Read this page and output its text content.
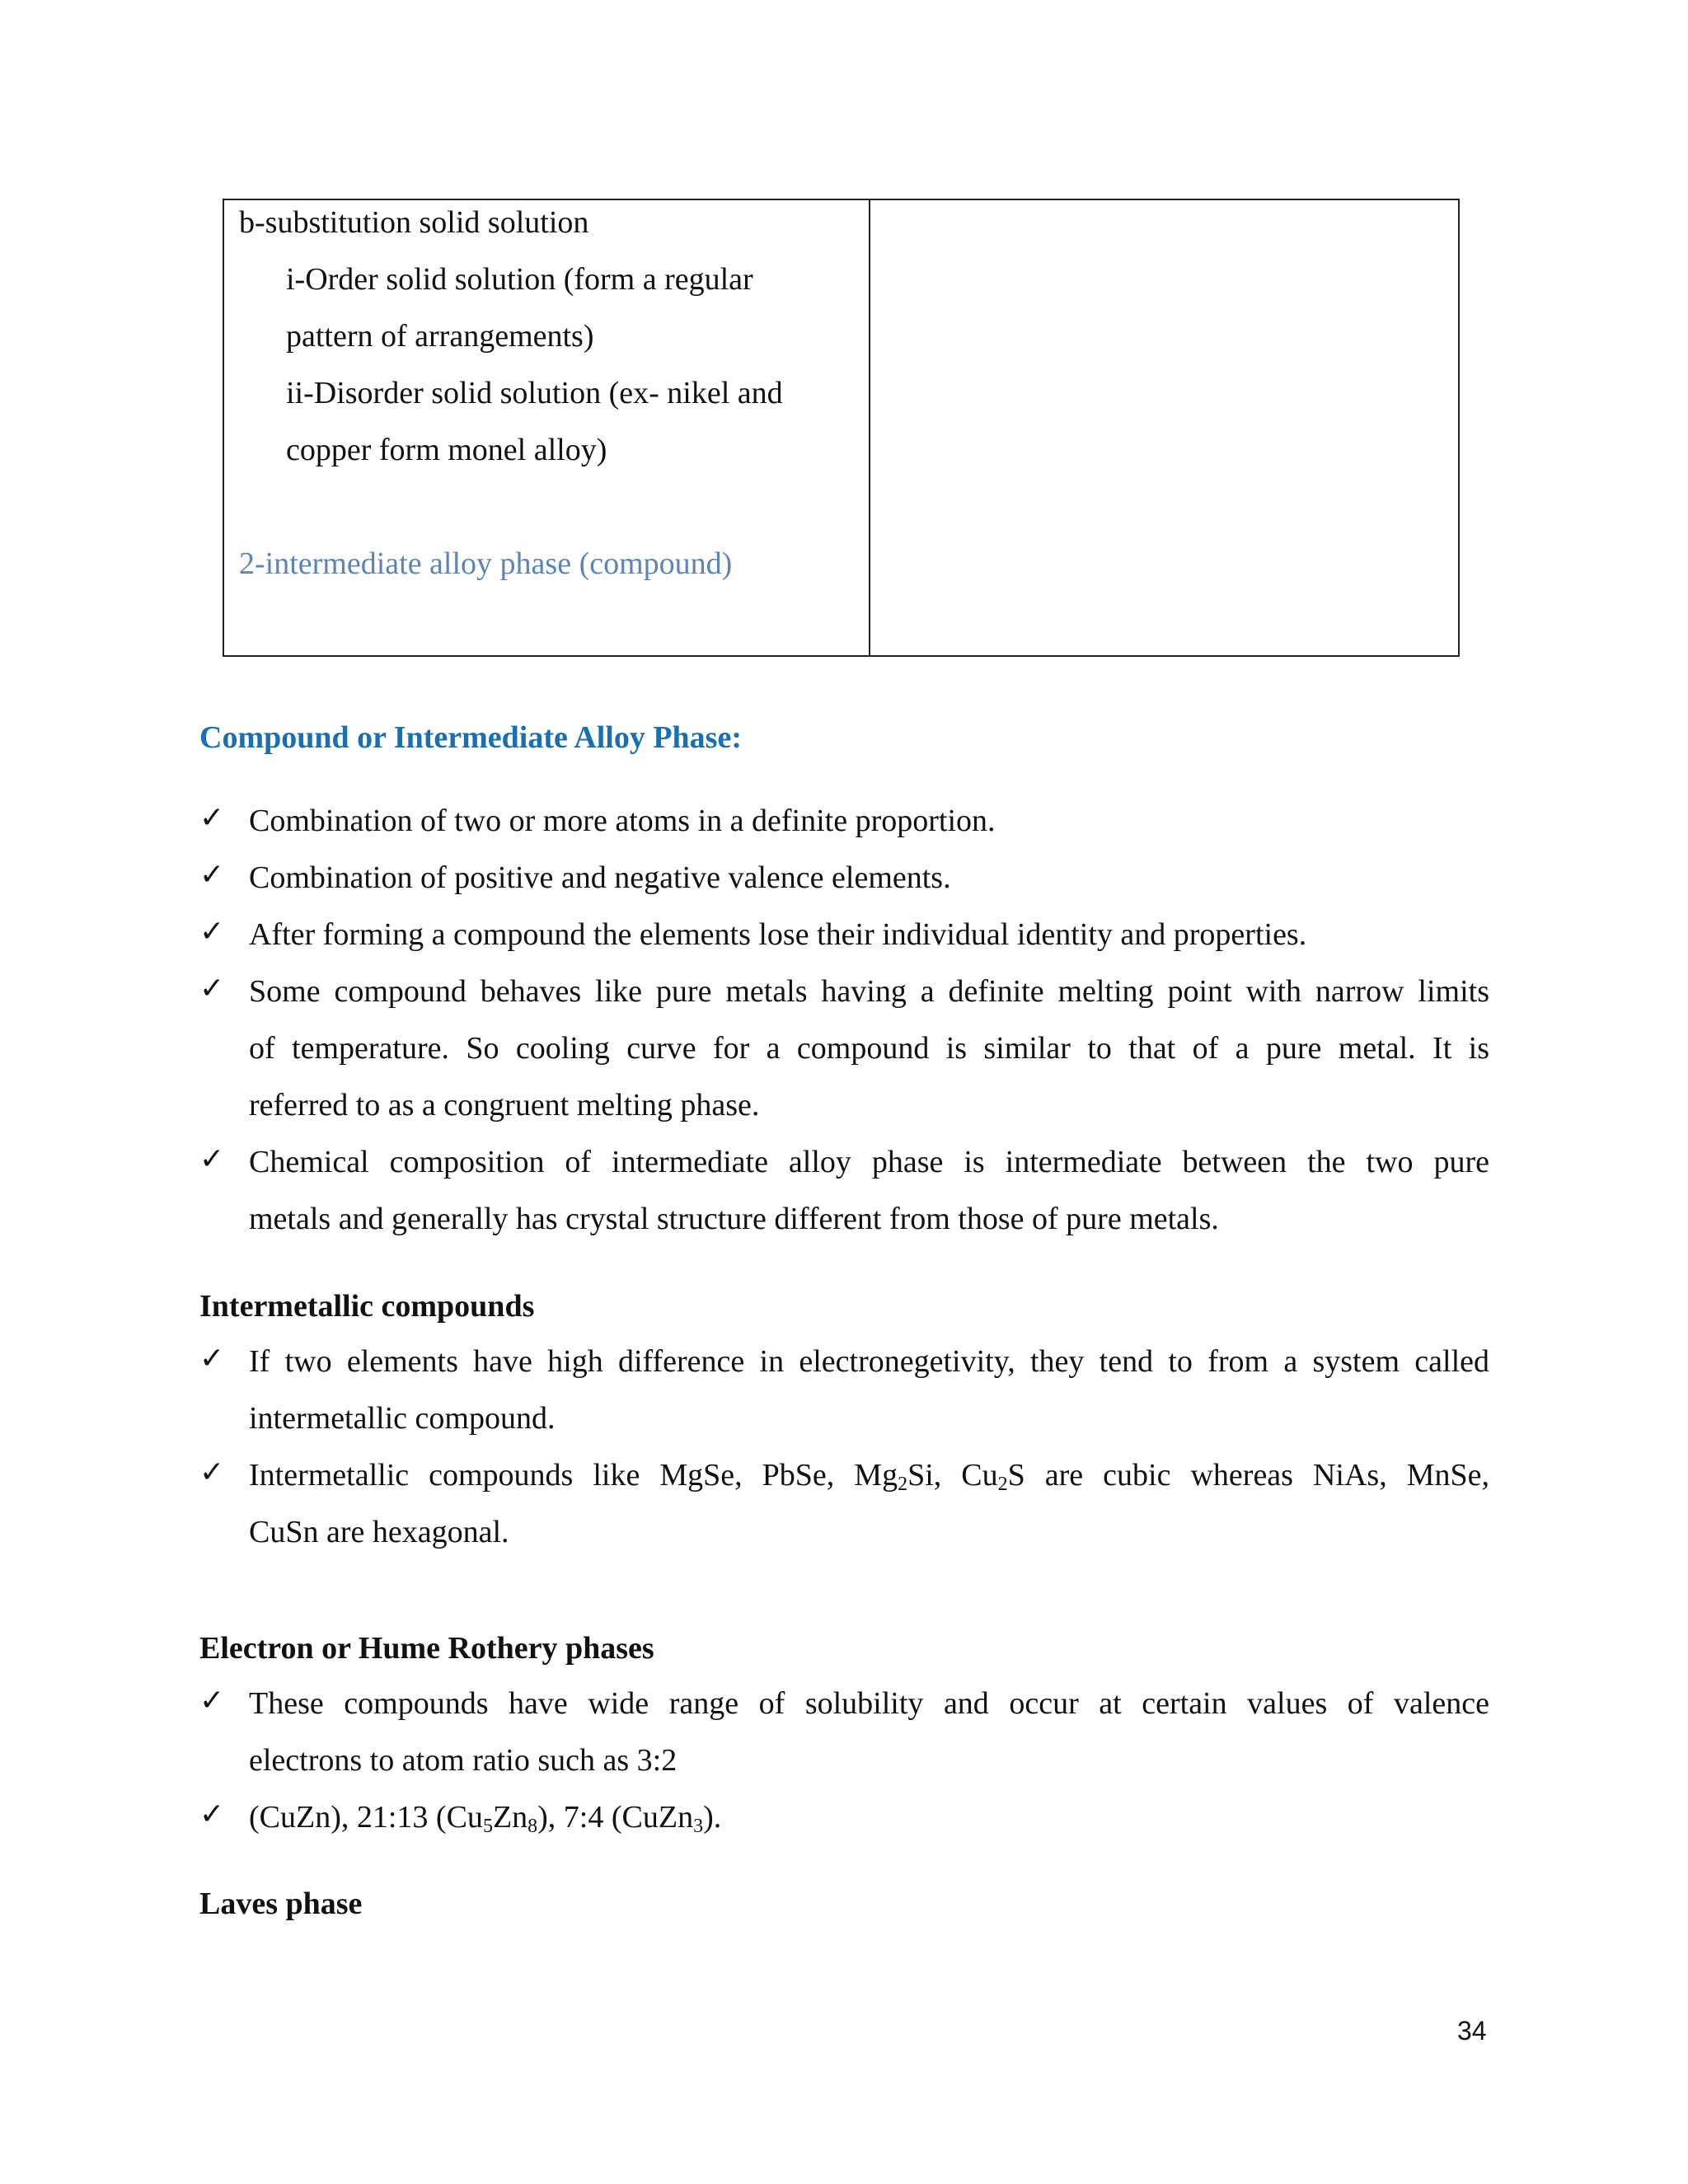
b-substitution solid solution
i-Order solid solution (form a regular
pattern of arrangements)
ii-Disorder solid solution (ex- nikel and
copper form monel alloy)
2-intermediate alloy phase (compound)
Compound or Intermediate Alloy Phase:
✓ Combination of two or more atoms in a definite proportion.
✓ Combination of positive and negative valence elements.
✓ After forming a compound the elements lose their individual identity and properties.
✓ Some compound behaves like pure metals having a definite melting point with narrow limits
of temperature. So cooling curve for a compound is similar to that of a pure metal. It is
referred to as a congruent melting phase.
✓ Chemical composition of intermediate alloy phase is intermediate between the two pure
metals and generally has crystal structure different from those of pure metals.
Intermetallic compounds
✓ If two elements have high difference in electronegetivity, they tend to from a system called
intermetallic compound.
✓ Intermetallic compounds like MgSe, PbSe, $Mg_2Si$, $Cu_2S$ are cubic whereas NiAs, MnSe,
CuSn are hexagonal.
Electron or Hume Rothery phases
✓ These compounds have wide range of solubility and occur at certain values of valence
electrons to atom ratio such as 3:2
✓ (CuZn), 21:13 $(Cu_5Zn_8)$, 7:4 (CuZn$_3$).
Laves phase
34
